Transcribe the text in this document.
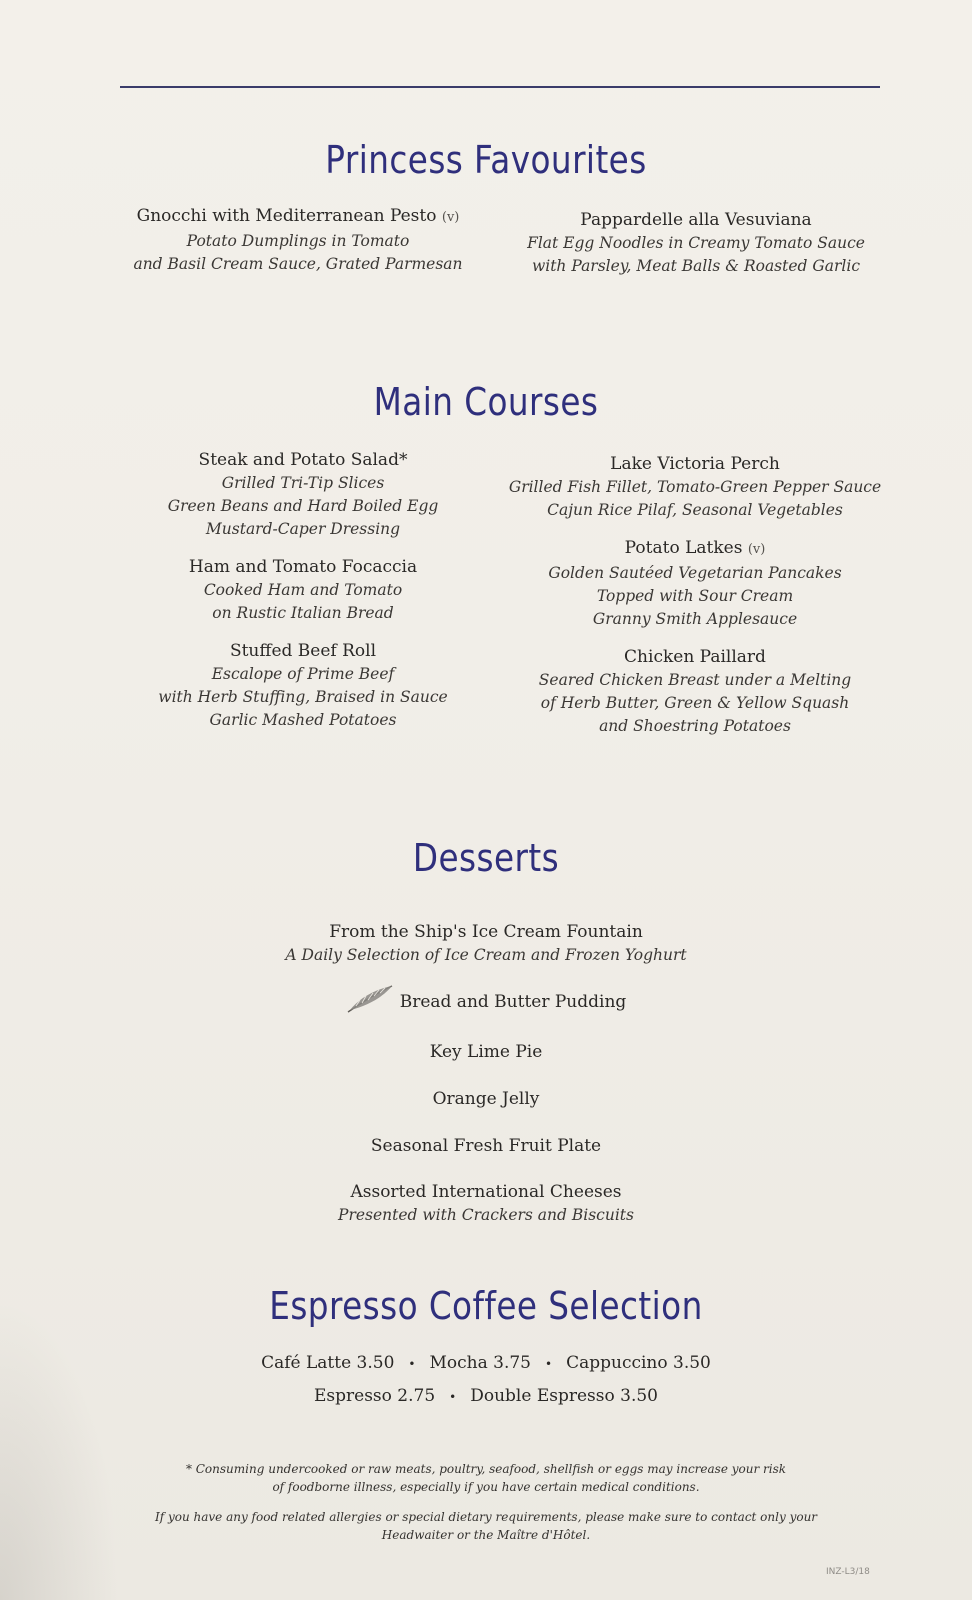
Princess Favourites
Gnocchi with Mediterranean Pesto (v)
Potato Dumplings in Tomato
and Basil Cream Sauce, Grated Parmesan
Pappardelle alla Vesuviana
Flat Egg Noodles in Creamy Tomato Sauce
with Parsley, Meat Balls & Roasted Garlic
Main Courses
Steak and Potato Salad*
Grilled Tri-Tip Slices
Green Beans and Hard Boiled Egg
Mustard-Caper Dressing
Ham and Tomato Focaccia
Cooked Ham and Tomato
on Rustic Italian Bread
Stuffed Beef Roll
Escalope of Prime Beef
with Herb Stuffing, Braised in Sauce
Garlic Mashed Potatoes
Lake Victoria Perch
Grilled Fish Fillet, Tomato-Green Pepper Sauce
Cajun Rice Pilaf, Seasonal Vegetables
Potato Latkes (v)
Golden Sautéed Vegetarian Pancakes
Topped with Sour Cream
Granny Smith Applesauce
Chicken Paillard
Seared Chicken Breast under a Melting
of Herb Butter, Green & Yellow Squash
and Shoestring Potatoes
Desserts
From the Ship's Ice Cream Fountain
A Daily Selection of Ice Cream and Frozen Yoghurt
Bread and Butter Pudding
Key Lime Pie
Orange Jelly
Seasonal Fresh Fruit Plate
Assorted International Cheeses
Presented with Crackers and Biscuits
Espresso Coffee Selection
Café Latte 3.50 • Mocha 3.75 • Cappuccino 3.50
Espresso 2.75 • Double Espresso 3.50
* Consuming undercooked or raw meats, poultry, seafood, shellfish or eggs may increase your risk
of foodborne illness, especially if you have certain medical conditions.
If you have any food related allergies or special dietary requirements, please make sure to contact only your
Headwaiter or the Maître d'Hôtel.
INZ-L3/18
